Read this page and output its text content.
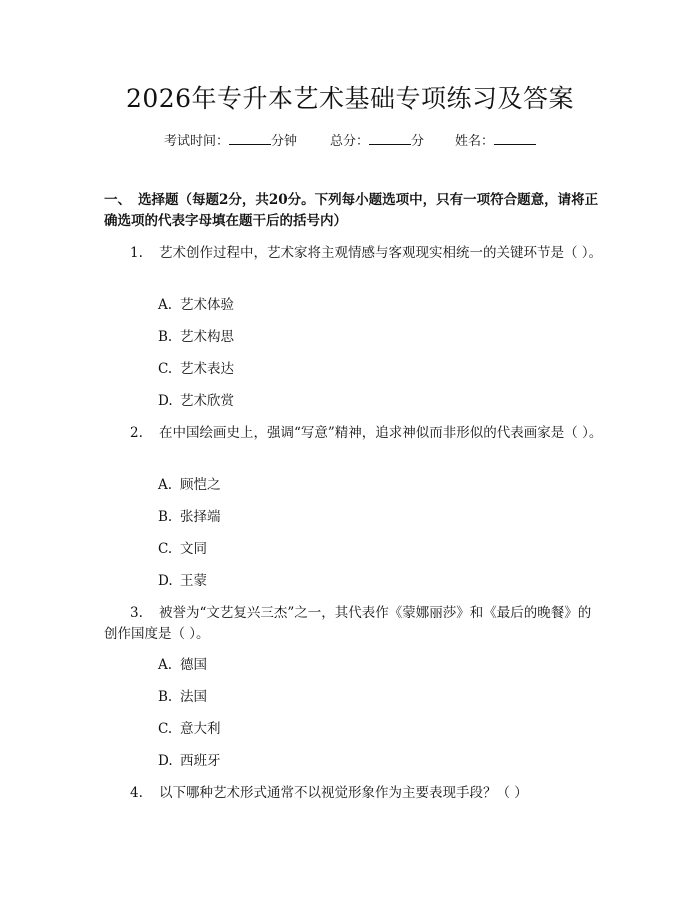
2026年专升本艺术基础专项练习及答案
考试时间：	分钟	总分：	分 姓名：
一、 选择题（每题2分，共20分。下列每小题选项中，只有一项符合题意，请将正确选项的代表字母填在题干后的括号内）
1. 艺术创作过程中，艺术家将主观情感与客观现实相统一的关键环节是（ ）。
A. 艺术体验
B. 艺术构思
C. 艺术表达
D. 艺术欣赏
2. 在中国绘画史上，强调“写意”精神，追求神似而非形似的代表画家是（ ）。
A. 顾恺之
B. 张择端
C. 文同
D. 王蒙
3. 被誉为“文艺复兴三杰”之一，其代表作《蒙娜丽莎》和《最后的晚餐》的创作国度是（ ）。
A. 德国
B. 法国
C. 意大利
D. 西班牙
4. 以下哪种艺术形式通常不以视觉形象作为主要表现手段？（ ）
